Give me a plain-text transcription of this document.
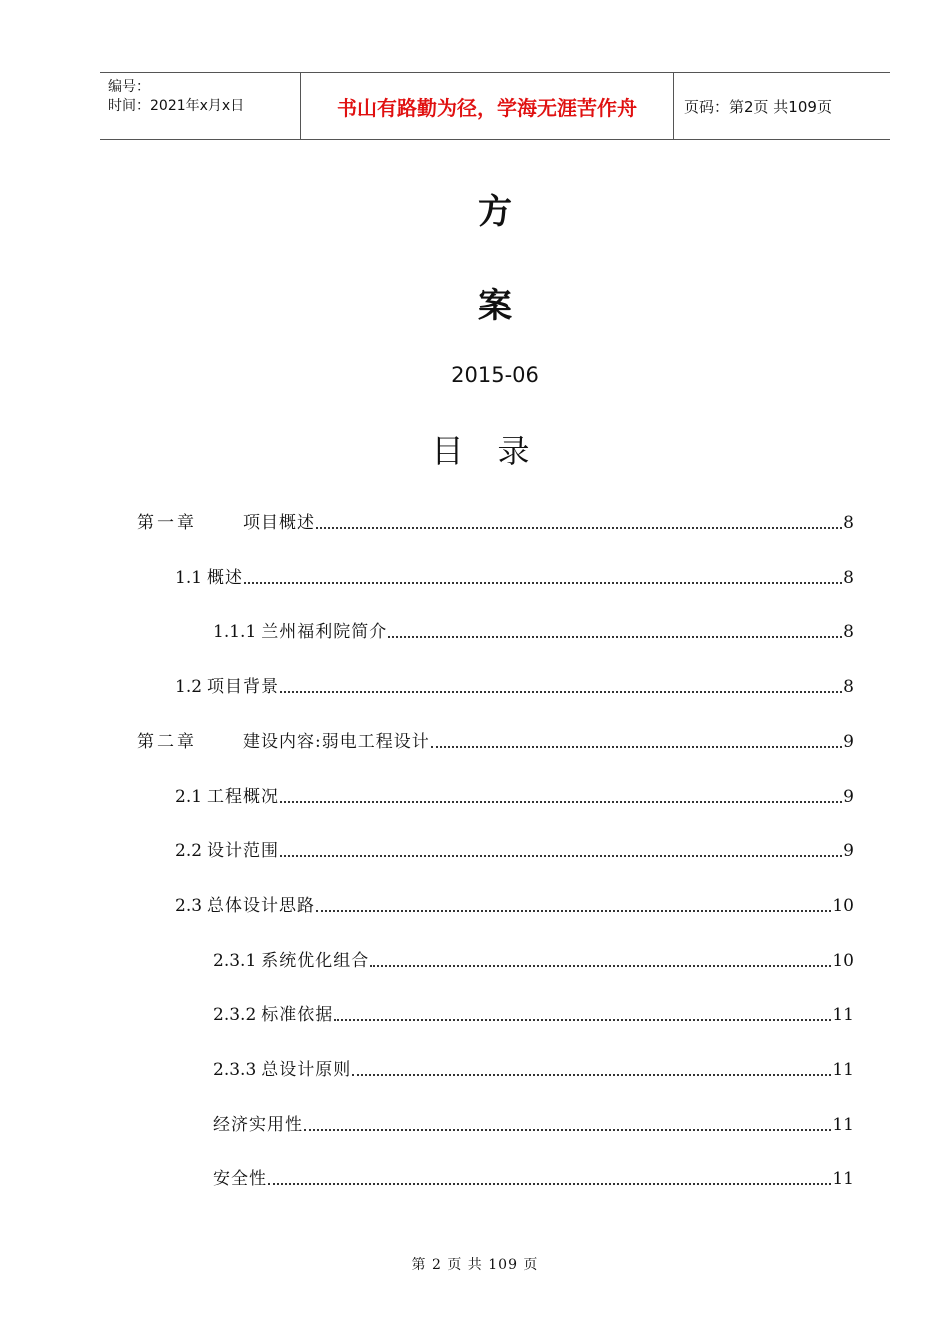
编号：
时间：2021年x月x日	书山有路勤为径，学海无涯苦作舟	页码：第2页 共109页
方
案
2015-06
目录
第一章	项目概述	8
1.1 概述	8
1.1.1 兰州福利院简介	8
1.2 项目背景	8
第二章	建设内容:弱电工程设计	9
2.1 工程概况	9
2.2 设计范围	9
2.3 总体设计思路	10
2.3.1 系统优化组合	10
2.3.2 标准依据	11
2.3.3 总设计原则	11
经济实用性	11
安全性	11
第 2 页 共 109 页
